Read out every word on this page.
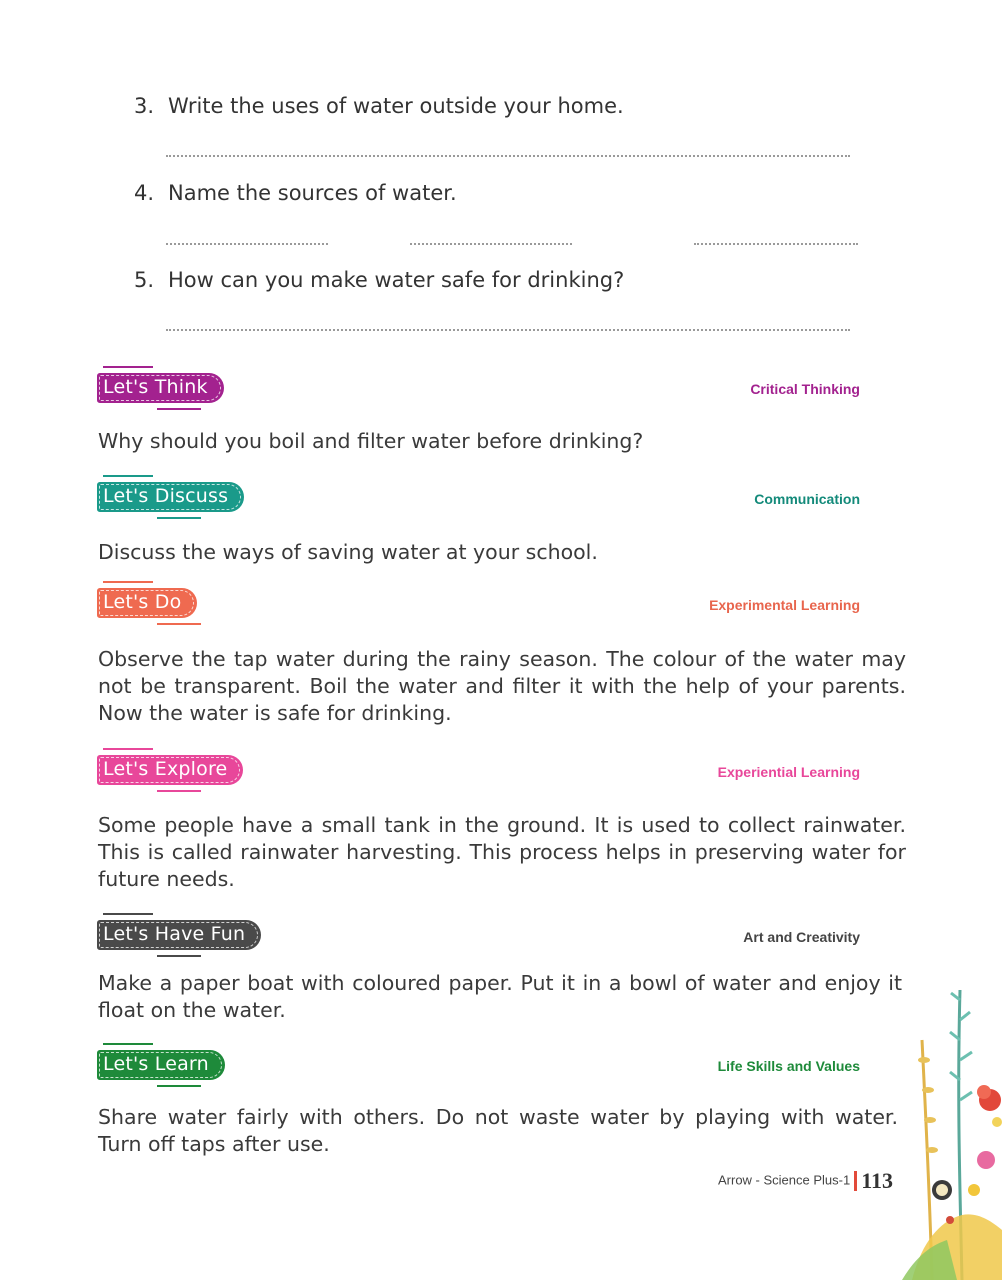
3. Write the uses of water outside your home.
4. Name the sources of water.
5. How can you make water safe for drinking?
Let's Think	Critical Thinking
Why should you boil and filter water before drinking?
Let's Discuss	Communication
Discuss the ways of saving water at your school.
Let's Do	Experimental Learning
Observe the tap water during the rainy season. The colour of the water may not be transparent. Boil the water and filter it with the help of your parents. Now the water is safe for drinking.
Let's Explore	Experiential Learning
Some people have a small tank in the ground. It is used to collect rainwater. This is called rainwater harvesting. This process helps in preserving water for future needs.
Let's Have Fun	Art and Creativity
Make a paper boat with coloured paper. Put it in a bowl of water and enjoy it float on the water.
Let's Learn	Life Skills and Values
Share water fairly with others. Do not waste water by playing with water. Turn off taps after use.
Arrow - Science Plus-1 113
